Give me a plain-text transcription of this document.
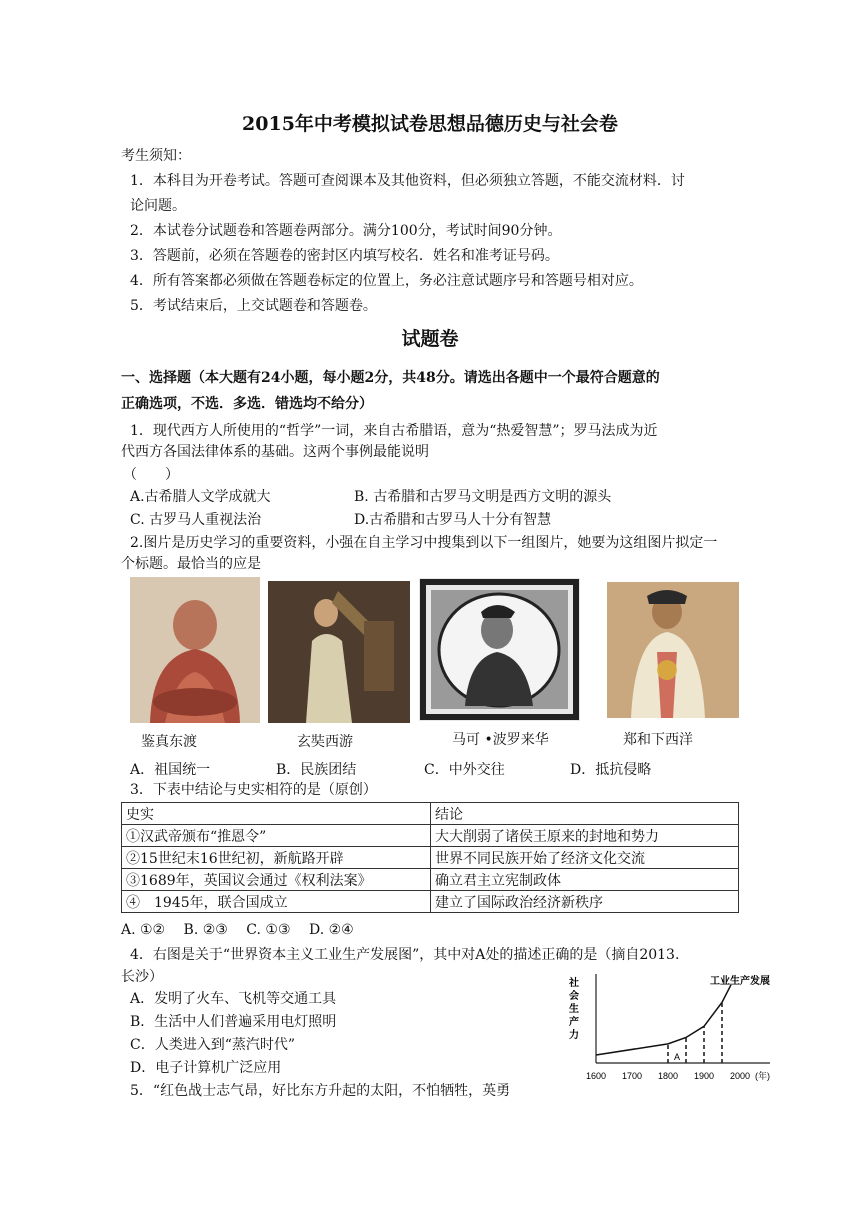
2015年中考模拟试卷思想品德历史与社会卷
考生须知：
1．本科目为开卷考试。答题可查阅课本及其他资料，但必须独立答题，不能交流材料．讨
论问题。
2．本试卷分试题卷和答题卷两部分。满分100分，考试时间90分钟。
3．答题前，必须在答题卷的密封区内填写校名．姓名和准考证号码。
4．所有答案都必须做在答题卷标定的位置上，务必注意试题序号和答题号相对应。
5．考试结束后，上交试题卷和答题卷。
试题卷
一、选择题（本大题有24小题，每小题2分，共48分。请选出各题中一个最符合题意的
正确选项，不选．多选．错选均不给分）
1．现代西方人所使用的“哲学”一词，来自古希腊语，意为“热爱智慧”；罗马法成为近
代西方各国法律体系的基础。这两个事例最能说明
（　　）
A.古希腊人文学成就大	B. 古希腊和古罗马文明是西方文明的源头
C. 古罗马人重视法治	D.古希腊和古罗马人十分有智慧
2.图片是历史学习的重要资料，小强在自主学习中搜集到以下一组图片，她要为这组图片拟定一
个标题。最恰当的应是
鉴真东渡	玄奘西游	马可 •波罗来华	郑和下西洋
A．祖国统一	B．民族团结	C．中外交往	D．抵抗侵略
3．下表中结论与史实相符的是（原创）
史实	结论
①汉武帝颁布“推恩令”	大大削弱了诸侯王原来的封地和势力
②15世纪末16世纪初，新航路开辟	世界不同民族开始了经济文化交流
③1689年，英国议会通过《权利法案》	确立君主立宪制政体
④　1945年，联合国成立	建立了国际政治经济新秩序
A. ①②　 B. ②③　 C. ①③　 D. ②④
4．右图是关于“世界资本主义工业生产发展图”，其中对A处的描述正确的是（摘自2013.
长沙）
A．发明了火车、飞机等交通工具
B．生活中人们普遍采用电灯照明
C．人类进入到“蒸汽时代”
D．电子计算机广泛应用
5．“红色战士志气昂，好比东方升起的太阳，不怕牺牲，英勇
1600 1700 1800 1900 2000 (年)
社
会
生
产
力
工业生产发展
A
